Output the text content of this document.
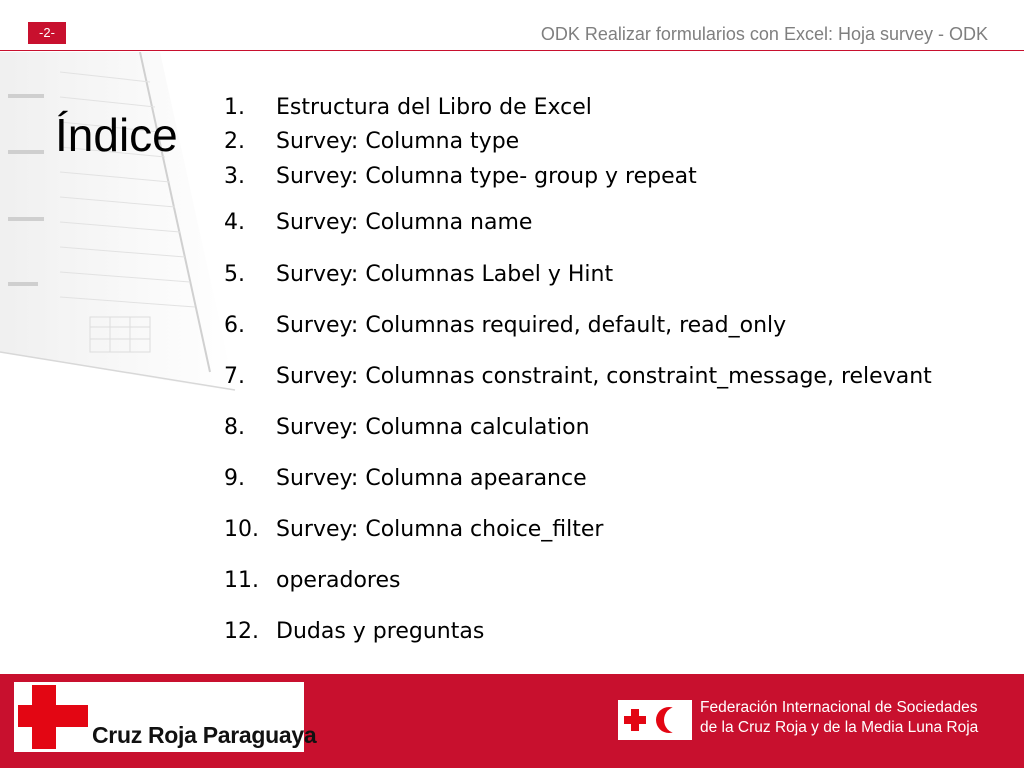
-2-	ODK Realizar formularios con Excel: Hoja survey - ODK
Índice
1. Estructura del Libro de Excel
2. Survey: Columna type
3. Survey: Columna type- group y repeat
4. Survey: Columna name
5. Survey: Columnas Label y Hint
6. Survey: Columnas required, default, read_only
7. Survey: Columnas constraint, constraint_message, relevant
8. Survey: Columna calculation
9. Survey: Columna apearance
10. Survey: Columna choice_filter
11. operadores
12. Dudas y preguntas
Cruz Roja Paraguaya
Federación Internacional de Sociedades
de la Cruz Roja y de la Media Luna Roja
